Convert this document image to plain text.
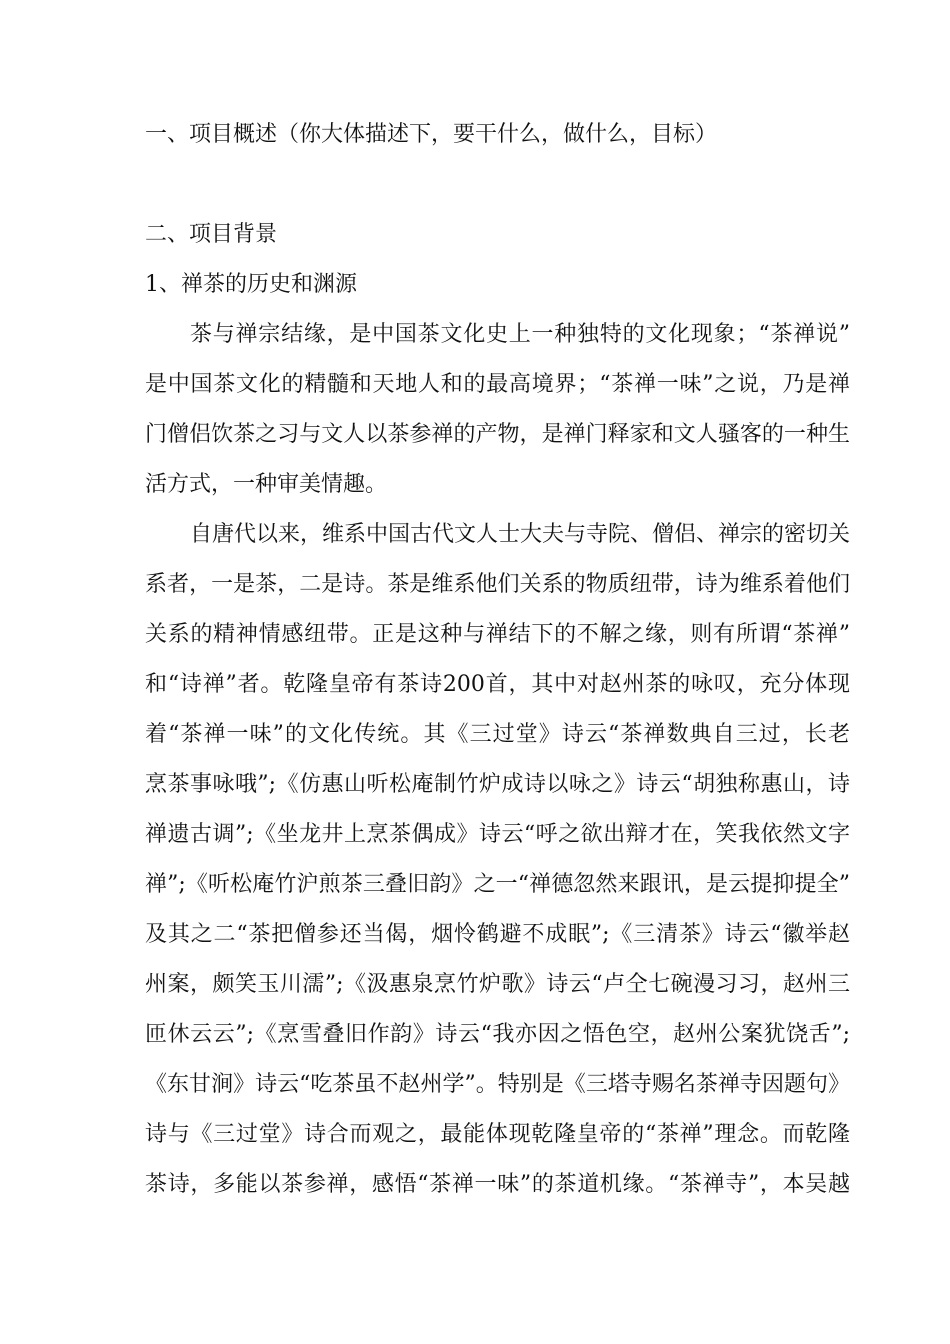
一、项目概述（你大体描述下，要干什么，做什么，目标）
二、项目背景
1、禅茶的历史和渊源
茶与禅宗结缘，是中国茶文化史上一种独特的文化现象；“茶禅说”
是中国茶文化的精髓和天地人和的最高境界；“茶禅一味”之说，乃是禅
门僧侣饮茶之习与文人以茶参禅的产物，是禅门释家和文人骚客的一种生
活方式，一种审美情趣。
自唐代以来，维系中国古代文人士大夫与寺院、僧侣、禅宗的密切关
系者，一是茶，二是诗。茶是维系他们关系的物质纽带，诗为维系着他们
关系的精神情感纽带。正是这种与禅结下的不解之缘，则有所谓“茶禅”
和“诗禅”者。乾隆皇帝有茶诗200首，其中对赵州茶的咏叹，充分体现
着“茶禅一味”的文化传统。其《三过堂》诗云“茶禅数典自三过，长老
烹茶事咏哦”;《仿惠山听松庵制竹炉成诗以咏之》诗云“胡独称惠山，诗
禅遗古调”;《坐龙井上烹茶偶成》诗云“呼之欲出辩才在，笑我依然文字
禅”;《听松庵竹沪煎茶三叠旧韵》之一“禅德忽然来跟讯，是云提抑提全”
及其之二“茶把僧参还当偈，烟怜鹤避不成眠”;《三清茶》诗云“徽举赵
州案，颇笑玉川濡”;《汲惠泉烹竹炉歌》诗云“卢仝七碗漫习习，赵州三
匝休云云”;《烹雪叠旧作韵》诗云“我亦因之悟色空，赵州公案犹饶舌”;
《东甘涧》诗云“吃茶虽不赵州学”。特别是《三塔寺赐名茶禅寺因题句》
诗与《三过堂》诗合而观之，最能体现乾隆皇帝的“茶禅”理念。而乾隆
茶诗，多能以茶参禅，感悟“茶禅一味”的茶道机缘。“茶禅寺”，本吴越
